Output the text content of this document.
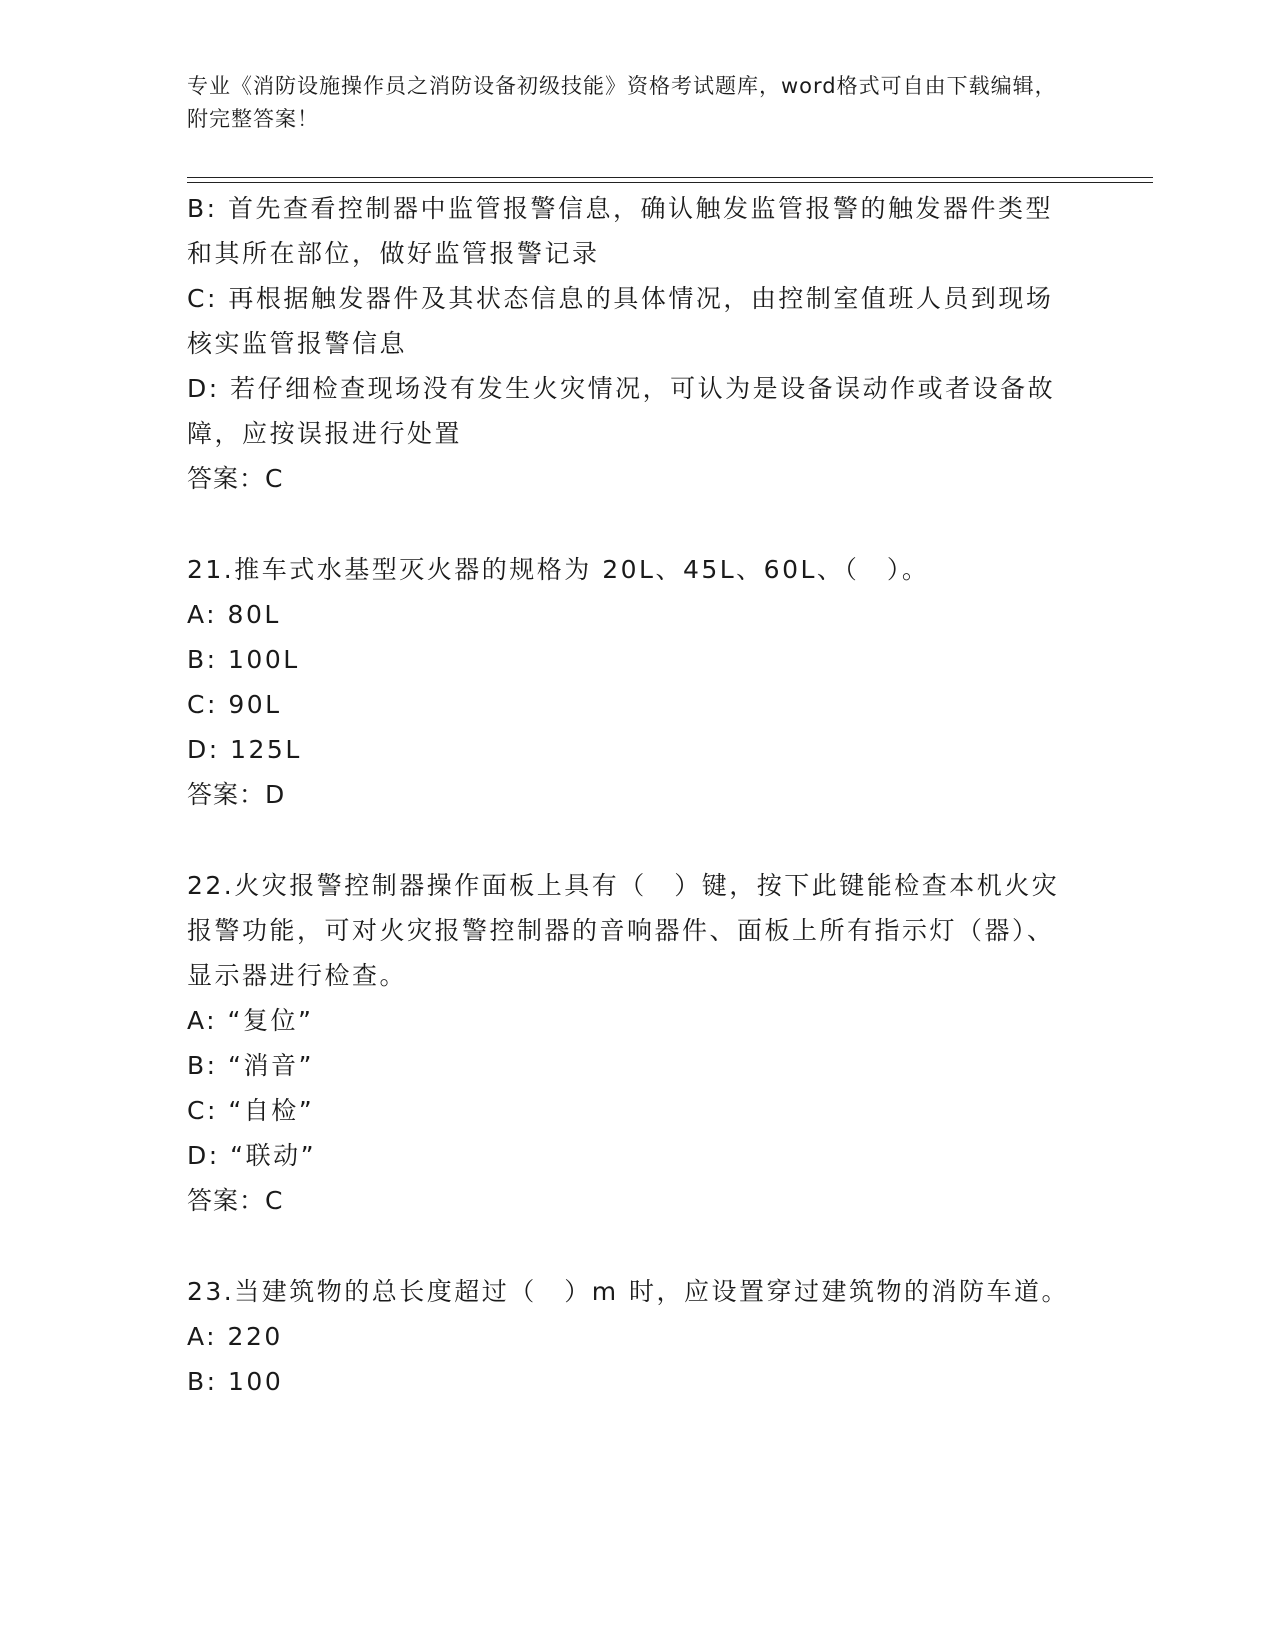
专业《消防设施操作员之消防设备初级技能》资格考试题库，word格式可自由下载编辑，附完整答案！
B: 首先查看控制器中监管报警信息，确认触发监管报警的触发器件类型和其所在部位，做好监管报警记录
C: 再根据触发器件及其状态信息的具体情况，由控制室值班人员到现场核实监管报警信息
D: 若仔细检查现场没有发生火灾情况，可认为是设备误动作或者设备故障，应按误报进行处置
答案：C
21.推车式水基型灭火器的规格为 20L、45L、60L、（　）。
A: 80L
B: 100L
C: 90L
D: 125L
答案：D
22.火灾报警控制器操作面板上具有（　）键，按下此键能检查本机火灾报警功能，可对火灾报警控制器的音响器件、面板上所有指示灯（器）、显示器进行检查。
A: “复位”
B: “消音”
C: “自检”
D: “联动”
答案：C
23.当建筑物的总长度超过（　）m 时，应设置穿过建筑物的消防车道。
A: 220
B: 100
